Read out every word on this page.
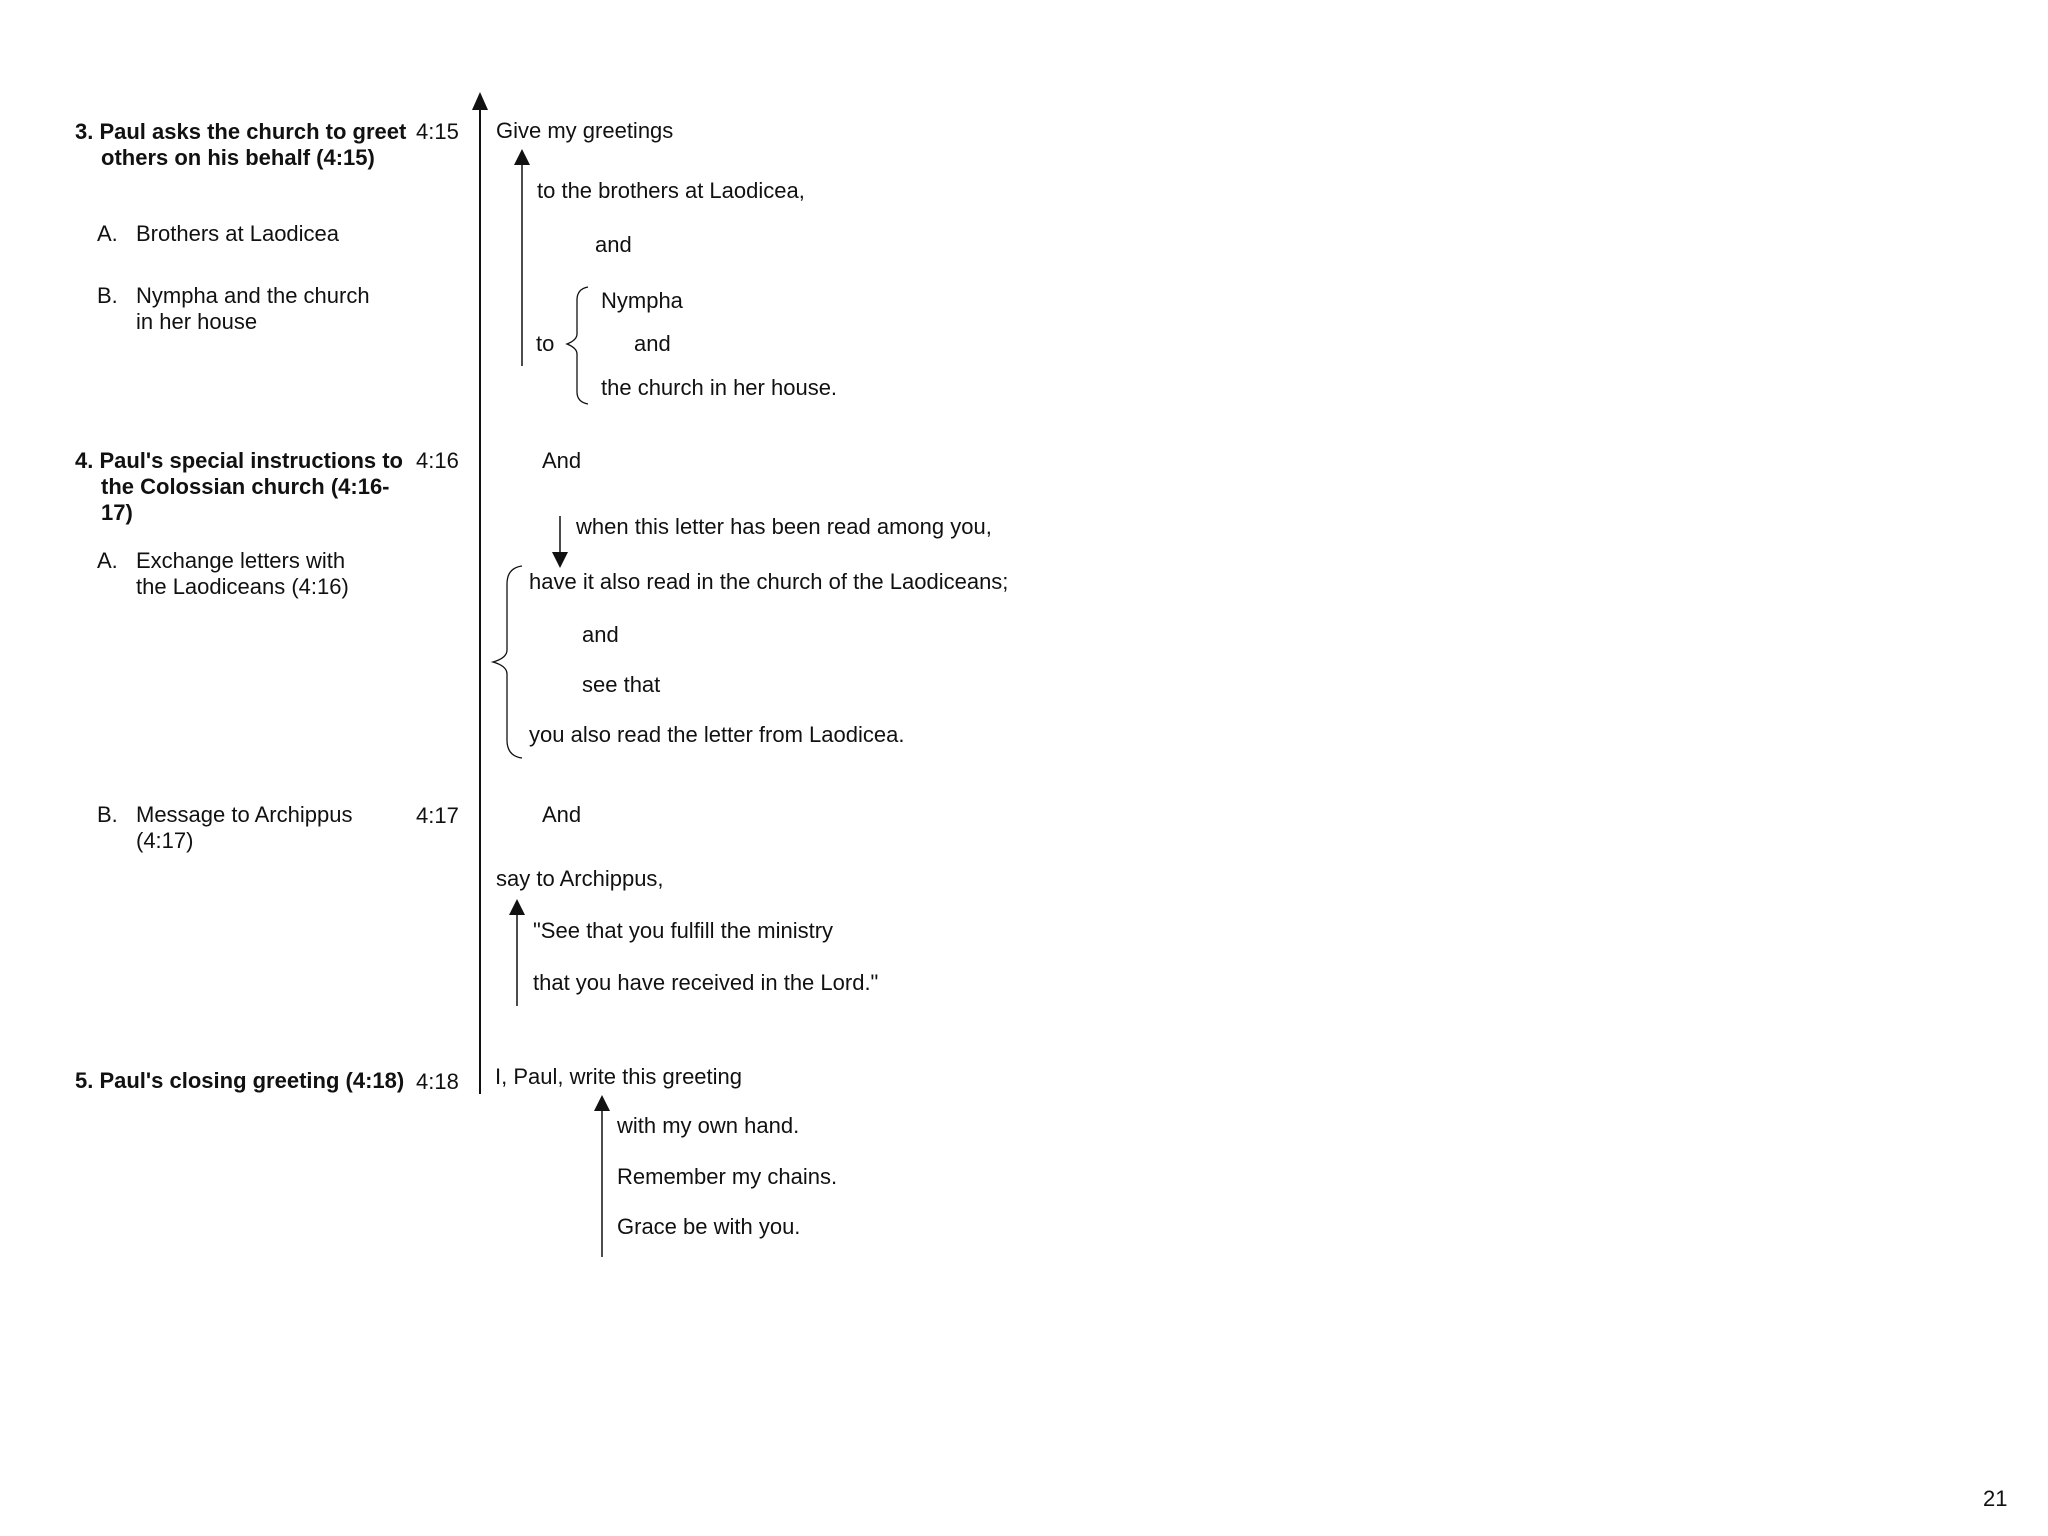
3. Paul asks the church to greet others on his behalf (4:15)
A. Brothers at Laodicea
B. Nympha and the church in her house
4. Paul's special instructions to the Colossian church (4:16-17)
A. Exchange letters with the Laodiceans (4:16)
B. Message to Archippus (4:17)
5. Paul's closing greeting (4:18)
4:15
4:16
4:17
4:18
Give my greetings
to the brothers at Laodicea,
and
Nympha
to	and
the church in her house.
And
when this letter has been read among you,
have it also read in the church of the Laodiceans;
and
see that
you also read the letter from Laodicea.
And
say to Archippus,
"See that you fulfill the ministry
that you have received in the Lord."
I, Paul, write this greeting
with my own hand.
Remember my chains.
Grace be with you.
21
